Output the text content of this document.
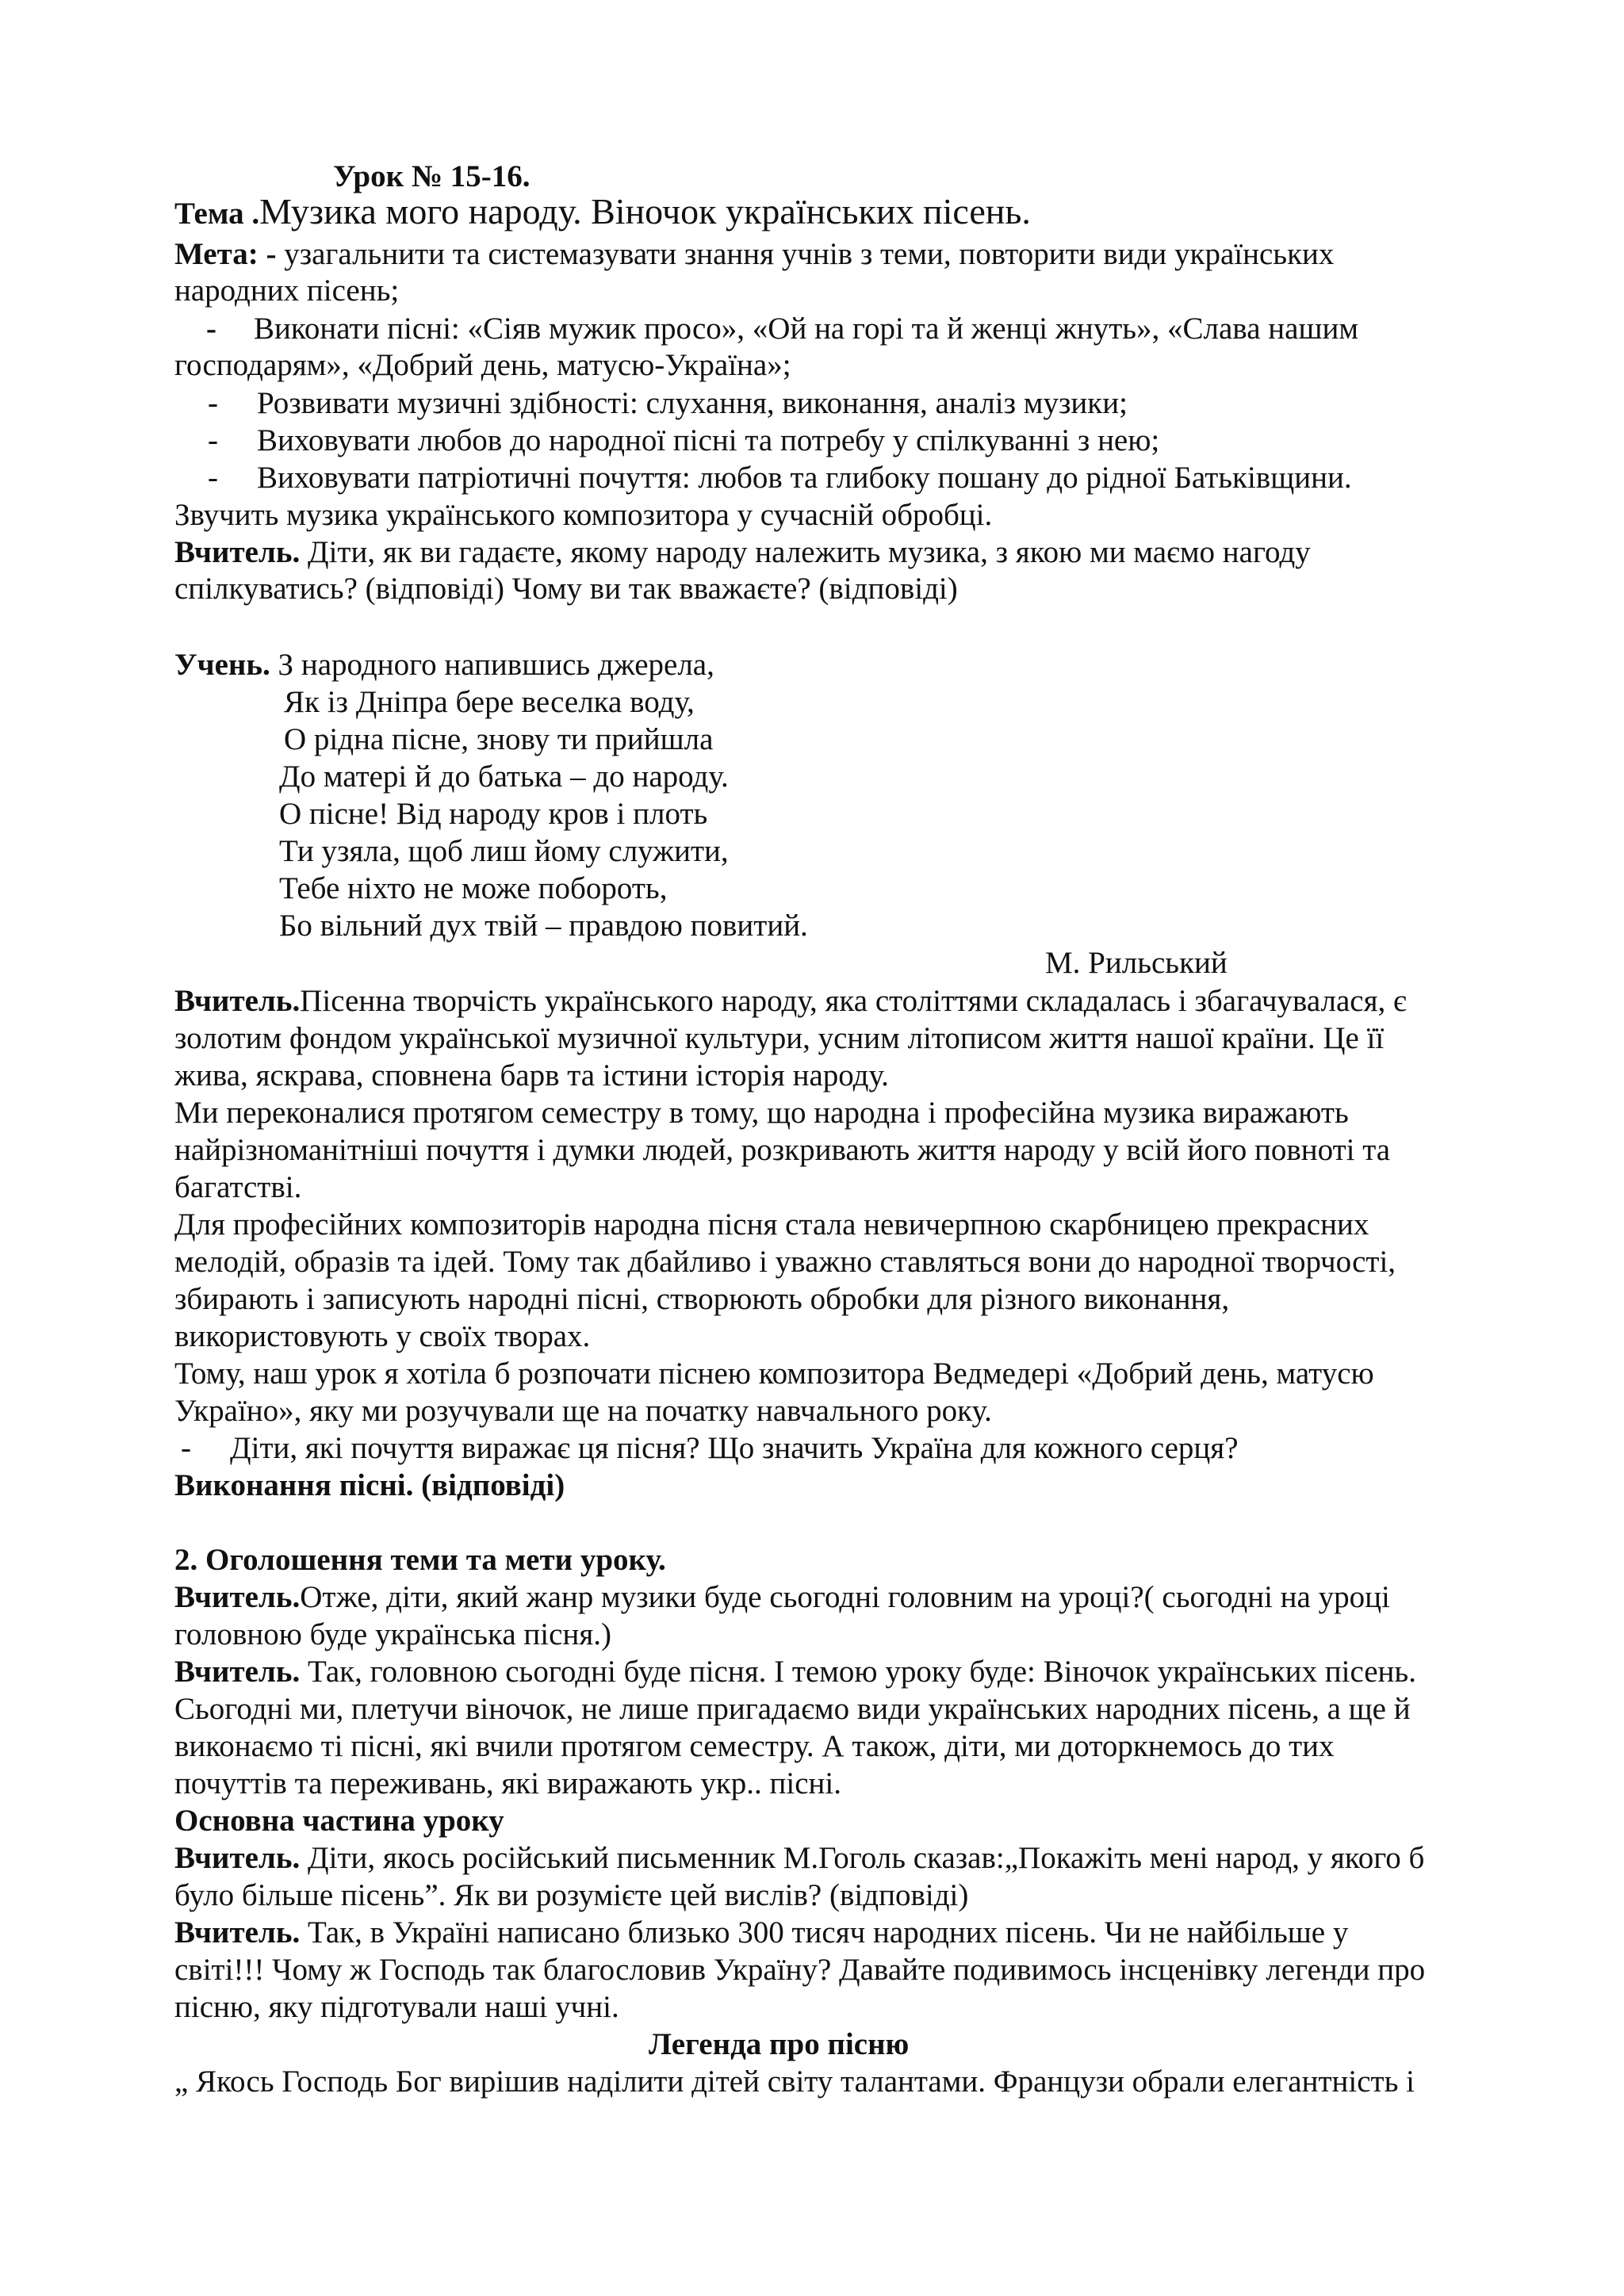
Урок № 15-16.
Тема .Музика мого народу. Віночок українських пісень.
Мета: - узагальнити та системазувати знання учнів з теми, повторити види українських
народних пісень;
- Виконати пісні: «Сіяв мужик просо», «Ой на горі та й женці жнуть», «Слава нашим
господарям», «Добрий день, матусю-Україна»;
- Розвивати музичні здібності: слухання, виконання, аналіз музики;
- Виховувати любов до народної пісні та потребу у спілкуванні з нею;
- Виховувати патріотичні почуття: любов та глибоку пошану до рідної Батьківщини.
Звучить музика українського композитора у сучасній обробці.
Вчитель. Діти, як ви гадаєте, якому народу належить музика, з якою ми маємо нагоду
спілкуватись? (відповіді) Чому ви так вважаєте? (відповіді)
Учень. З народного напившись джерела,
Як із Дніпра бере веселка воду,
О рідна пісне, знову ти прийшла
До матері й до батька – до народу.
О пісне! Від народу кров і плоть
Ти узяла, щоб лиш йому служити,
Тебе ніхто не може побороть,
Бо вільний дух твій – правдою повитий.
М. Рильський
Вчитель.Пісенна творчість українського народу, яка століттями складалась і збагачувалася, є
золотим фондом української музичної культури, усним літописом життя нашої країни. Це її
жива, яскрава, сповнена барв та істини історія народу.
Ми переконалися протягом семестру в тому, що народна і професійна музика виражають
найрізноманітніші почуття і думки людей, розкривають життя народу у всій його повноті та
багатстві.
Для професійних композиторів народна пісня стала невичерпною скарбницею прекрасних
мелодій, образів та ідей. Тому так дбайливо і уважно ставляться вони до народної творчості,
збирають і записують народні пісні, створюють обробки для різного виконання,
використовують у своїх творах.
Тому, наш урок я хотіла б розпочати піснею композитора Ведмедері «Добрий день, матусю
Україно», яку ми розучували ще на початку навчального року.
- Діти, які почуття виражає ця пісня? Що значить Україна для кожного серця?
Виконання пісні. (відповіді)
2. Оголошення теми та мети уроку.
Вчитель.Отже, діти, який жанр музики буде сьогодні головним на уроці?( сьогодні на уроці
головною буде українська пісня.)
Вчитель. Так, головною сьогодні буде пісня. І темою уроку буде: Віночок українських пісень.
Сьогодні ми, плетучи віночок, не лише пригадаємо види українських народних пісень, а ще й
виконаємо ті пісні, які вчили протягом семестру. А також, діти, ми доторкнемось до тих
почуттів та переживань, які виражають укр.. пісні.
Основна частина уроку
Вчитель. Діти, якось російський письменник М.Гоголь сказав:„Покажіть мені народ, у якого б
було більше пісень”. Як ви розумієте цей вислів? (відповіді)
Вчитель. Так, в Україні написано близько 300 тисяч народних пісень. Чи не найбільше у
світі!!! Чому ж Господь так благословив Україну? Давайте подивимось інсценівку легенди про
пісню, яку підготували наші учні.
Легенда про пісню
„ Якось Господь Бог вирішив наділити дітей світу талантами. Французи обрали елегантність і
